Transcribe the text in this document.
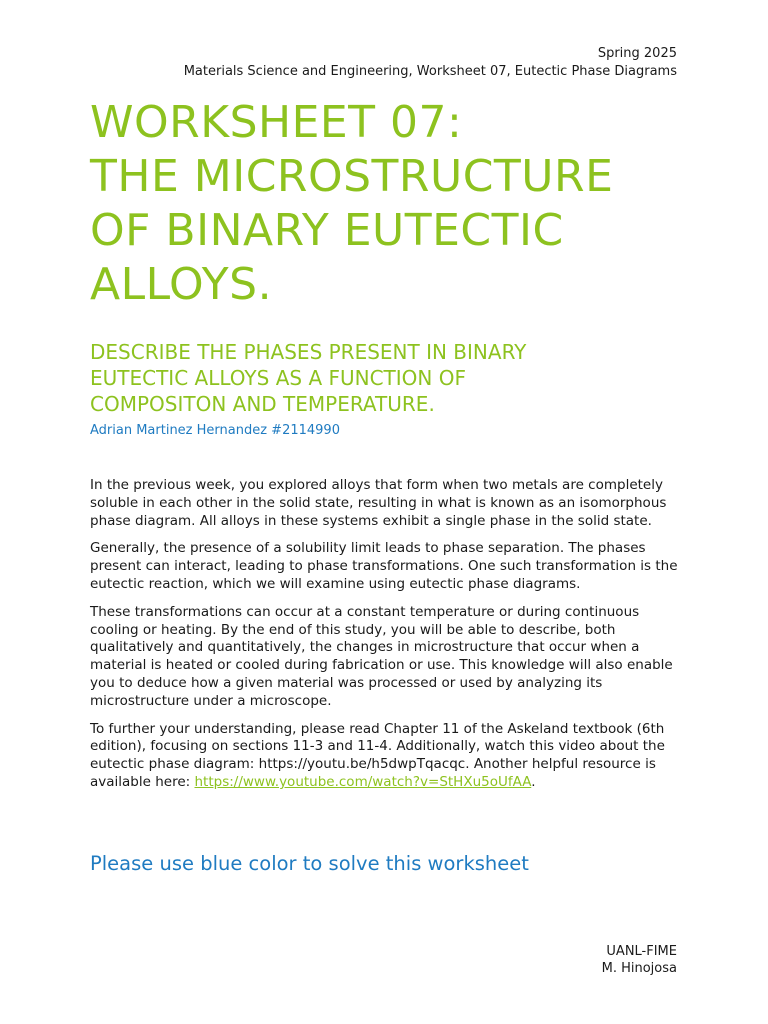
Spring 2025
Materials Science and Engineering, Worksheet 07, Eutectic Phase Diagrams
WORKSHEET 07:
THE MICROSTRUCTURE
OF BINARY EUTECTIC
ALLOYS.
DESCRIBE THE PHASES PRESENT IN BINARY
EUTECTIC ALLOYS AS A FUNCTION OF
COMPOSITON AND TEMPERATURE.
Adrian Martinez Hernandez #2114990

In the previous week, you explored alloys that form when two metals are completely soluble in each other in the solid state, resulting in what is known as an isomorphous phase diagram. All alloys in these systems exhibit a single phase in the solid state.

Generally, the presence of a solubility limit leads to phase separation. The phases present can interact, leading to phase transformations. One such transformation is the eutectic reaction, which we will examine using eutectic phase diagrams.

These transformations can occur at a constant temperature or during continuous cooling or heating. By the end of this study, you will be able to describe, both qualitatively and quantitatively, the changes in microstructure that occur when a material is heated or cooled during fabrication or use. This knowledge will also enable you to deduce how a given material was processed or used by analyzing its microstructure under a microscope.

To further your understanding, please read Chapter 11 of the Askeland textbook (6th edition), focusing on sections 11-3 and 11-4. Additionally, watch this video about the eutectic phase diagram: https://youtu.be/h5dwpTqacqc. Another helpful resource is available here: https://www.youtube.com/watch?v=StHXu5oUfAA.

Please use blue color to solve this worksheet
UANL-FIME
M. Hinojosa
